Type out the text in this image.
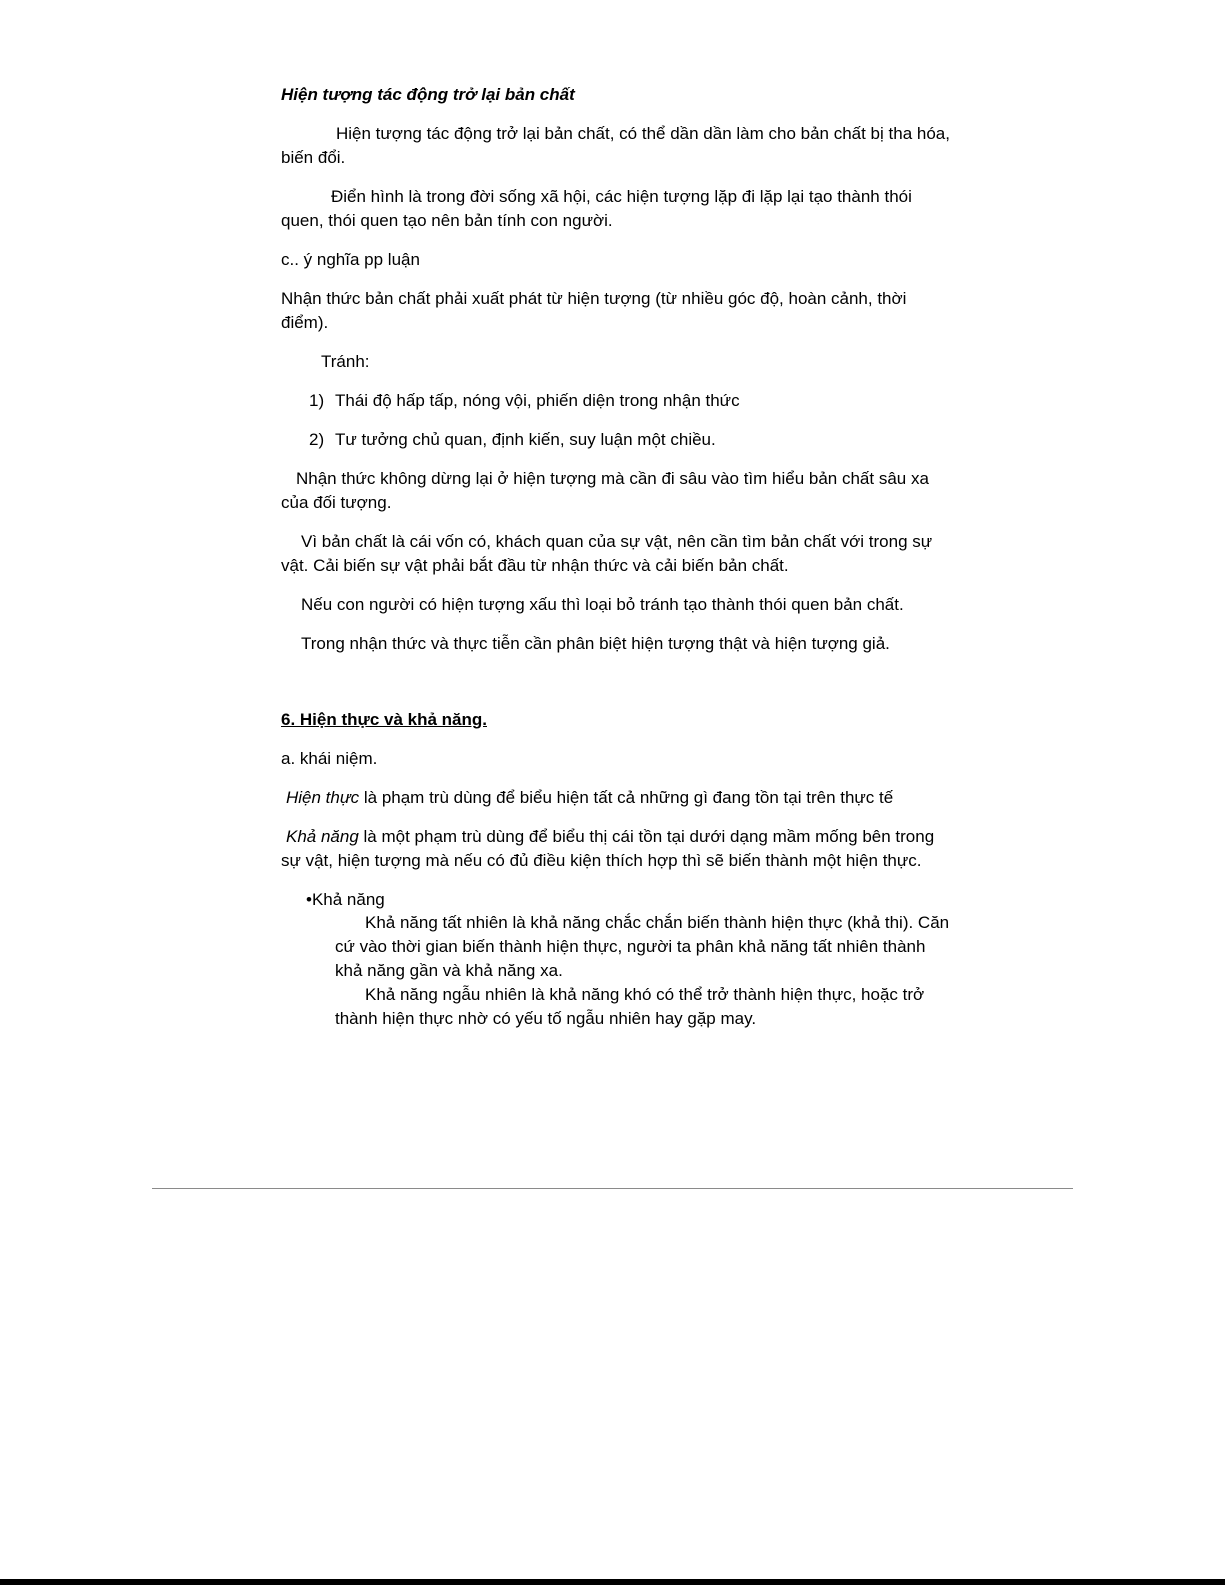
Hiện tượng tác động trở lại bản chất

Hiện tượng tác động trở lại bản chất, có thể dần dần làm cho bản chất bị tha hóa,

biến đổi.

Điển hình là trong đời sống xã hội, các hiện tượng lặp đi lặp lại tạo thành thói

quen, thói quen tạo nên bản tính con người.

c.. ý nghĩa pp luận

Nhận thức bản chất phải xuất phát từ hiện tượng (từ nhiều góc độ, hoàn cảnh, thời

điểm).

Tránh:

1) Thái độ hấp tấp, nóng vội, phiến diện trong nhận thức

2) Tư tưởng chủ quan, định kiến, suy luận một chiều.

Nhận thức không dừng lại ở hiện tượng mà cần đi sâu vào tìm hiểu bản chất sâu xa

của đối tượng.

Vì bản chất là cái vốn có, khách quan của sự vật, nên cần tìm bản chất với trong sự

vật. Cải biến sự vật phải bắt đầu từ nhận thức và cải biến bản chất.

Nếu con người có hiện tượng xấu thì loại bỏ tránh tạo thành thói quen bản chất.

Trong nhận thức và thực tiễn cần phân biệt hiện tượng thật và hiện tượng giả.

6. Hiện thực và khả năng.

a. khái niệm.

Hiện thực là phạm trù dùng để biểu hiện tất cả những gì đang tồn tại trên thực tế

Khả năng là một phạm trù dùng để biểu thị cái tồn tại dưới dạng mầm mống bên trong

sự vật, hiện tượng mà nếu có đủ điều kiện thích hợp thì sẽ biến thành một hiện thực.

•Khả năng

Khả năng tất nhiên là khả năng chắc chắn biến thành hiện thực (khả thi). Căn

cứ vào thời gian biến thành hiện thực, người ta phân khả năng tất nhiên thành

khả năng gần và khả năng xa.

Khả năng ngẫu nhiên là khả năng khó có thể trở thành hiện thực, hoặc trở

thành hiện thực nhờ có yếu tố ngẫu nhiên hay gặp may.
